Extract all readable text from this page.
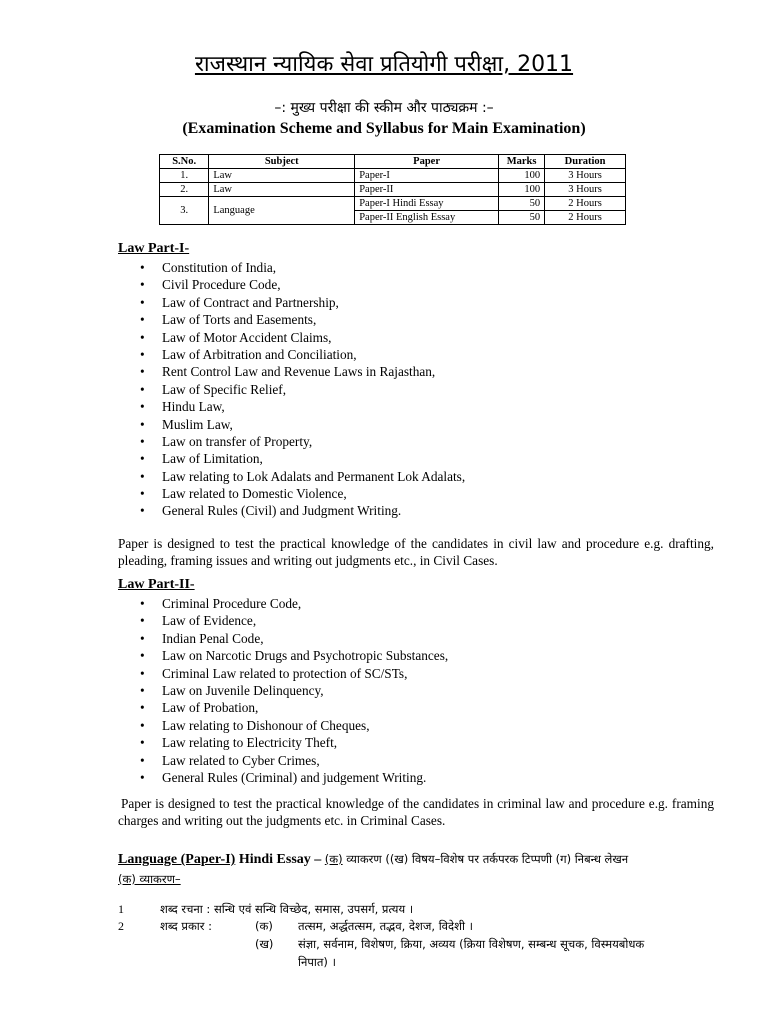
राजस्थान न्यायिक सेवा प्रतियोगी परीक्षा, 2011
–: मुख्य परीक्षा की स्कीम और पाठ्यक्रम :–
(Examination Scheme and Syllabus for Main Examination)
S.No.	Subject	Paper	Marks	Duration
1.	Law	Paper-I	100	3 Hours
2.	Law	Paper-II	100	3 Hours
3.	Language	Paper-I Hindi Essay	50	2 Hours
		Paper-II English Essay	50	2 Hours
Law Part-I-
• Constitution of India,
• Civil Procedure Code,
• Law of Contract and Partnership,
• Law of Torts and Easements,
• Law of Motor Accident Claims,
• Law of Arbitration and Conciliation,
• Rent Control Law and Revenue Laws in Rajasthan,
• Law of Specific Relief,
• Hindu Law,
• Muslim Law,
• Law on transfer of Property,
• Law of Limitation,
• Law relating to Lok Adalats and Permanent Lok Adalats,
• Law related to Domestic Violence,
• General Rules (Civil) and Judgment Writing.

Paper is designed to test the practical knowledge of the candidates in civil law and procedure e.g. drafting, pleading, framing issues and writing out judgments etc., in Civil Cases.

Law Part-II-
• Criminal Procedure Code,
• Law of Evidence,
• Indian Penal Code,
• Law on Narcotic Drugs and Psychotropic Substances,
• Criminal Law related to protection of SC/STs,
• Law on Juvenile Delinquency,
• Law of Probation,
• Law relating to Dishonour of Cheques,
• Law relating to Electricity Theft,
• Law related to Cyber Crimes,
• General Rules (Criminal) and judgement Writing.

Paper is designed to test the practical knowledge of the candidates in criminal law and procedure e.g. framing charges and writing out the judgments etc. in Criminal Cases.

Language (Paper-I) Hindi Essay – (क) व्याकरण ((ख) विषय–विशेष पर तर्कपरक टिप्पणी (ग) निबन्ध लेखन
(क) व्याकरण–
1	शब्द रचना : सन्धि एवं सन्धि विच्छेद, समास, उपसर्ग, प्रत्यय ।
2	शब्द प्रकार :	(क) तत्सम, अर्द्धतत्सम, तद्भव, देशज, विदेशी ।
(ख) संज्ञा, सर्वनाम, विशेषण, क्रिया, अव्यय (क्रिया विशेषण, सम्बन्ध सूचक, विस्मयबोधक
निपात) ।
